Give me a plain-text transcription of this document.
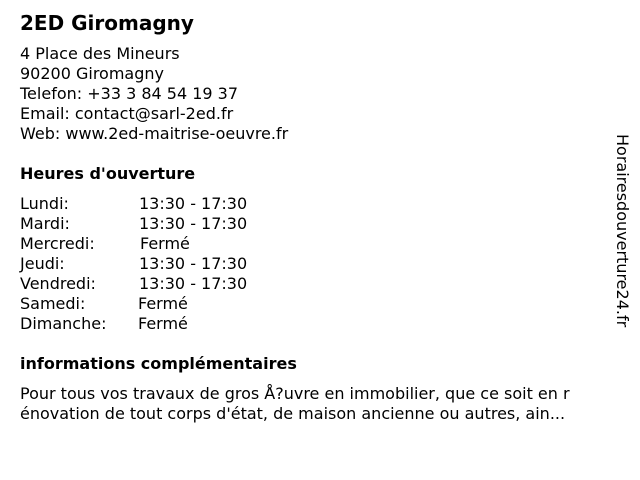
2ED Giromagny
4 Place des Mineurs
90200 Giromagny
Telefon: +33 3 84 54 19 37
Email: contact@sarl-2ed.fr
Web: www.2ed-maitrise-oeuvre.fr
Heures d'ouverture
Lundi:	13:30 - 17:30
Mardi:	13:30 - 17:30
Mercredi:	Fermé
Jeudi:	13:30 - 17:30
Vendredi:	13:30 - 17:30
Samedi:	Fermé
Dimanche: Fermé
informations complémentaires
Pour tous vos travaux de gros Å?uvre en immobilier, que ce soit en r
énovation de tout corps d'état, de maison ancienne ou autres, ain...
Horairesdouverture24.fr
